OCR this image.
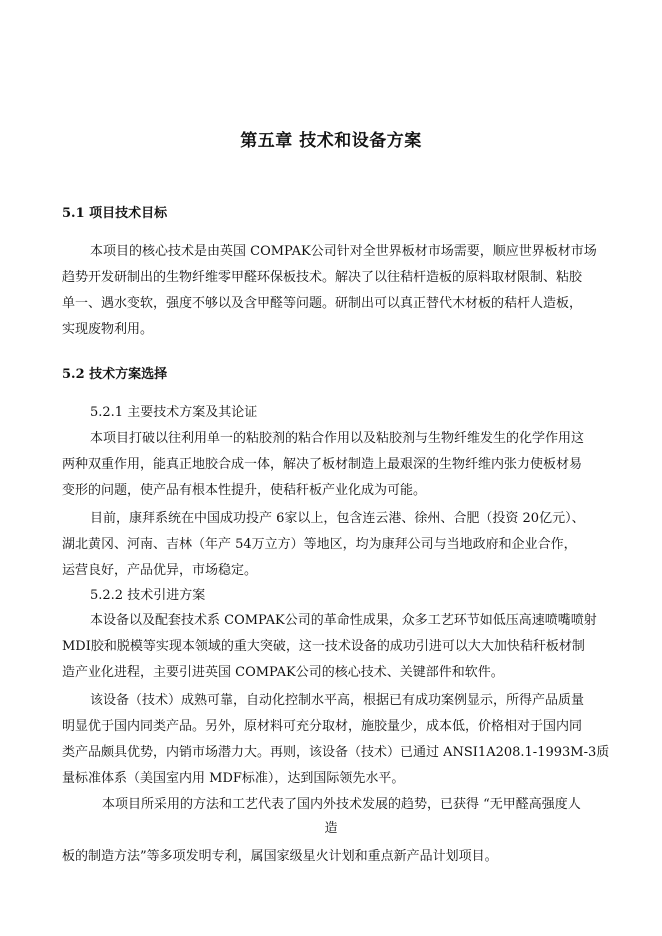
第五章 技术和设备方案
5.1 项目技术目标
本项目的核心技术是由英国 COMPAK公司针对全世界板材市场需要，顺应世界板材市场
趋势开发研制出的生物纤维零甲醛环保板技术。解决了以往秸杆造板的原料取材限制、粘胶
单一、遇水变软，强度不够以及含甲醛等问题。研制出可以真正替代木材板的秸杆人造板，
实现废物利用。
5.2 技术方案选择
5.2.1 主要技术方案及其论证
本项目打破以往利用单一的粘胶剂的粘合作用以及粘胶剂与生物纤维发生的化学作用这
两种双重作用，能真正地胶合成一体，解决了板材制造上最艰深的生物纤维内张力使板材易
变形的问题，使产品有根本性提升，使秸秆板产业化成为可能。
目前，康拜系统在中国成功投产 6家以上，包含连云港、徐州、合肥（投资 20亿元）、
湖北黄冈、河南、吉林（年产 54万立方）等地区，均为康拜公司与当地政府和企业合作，
运营良好，产品优异，市场稳定。
5.2.2 技术引进方案
本设备以及配套技术系 COMPAK公司的革命性成果，众多工艺环节如低压高速喷嘴喷射
MDI胶和脱模等实现本领域的重大突破，这一技术设备的成功引进可以大大加快秸秆板材制
造产业化进程，主要引进英国 COMPAK公司的核心技术、关键部件和软件。
该设备（技术）成熟可靠，自动化控制水平高，根据已有成功案例显示，所得产品质量
明显优于国内同类产品。另外，原材料可充分取材，施胶量少，成本低，价格相对于国内同
类产品颇具优势，内销市场潜力大。再则，该设备（技术）已通过 ANSI1A208.1-1993M-3质
量标准体系（美国室内用 MDF标准），达到国际领先水平。
本项目所采用的方法和工艺代表了国内外技术发展的趋势，已获得 “无甲醛高强度人
造
板的制造方法”等多项发明专利，属国家级星火计划和重点新产品计划项目。
